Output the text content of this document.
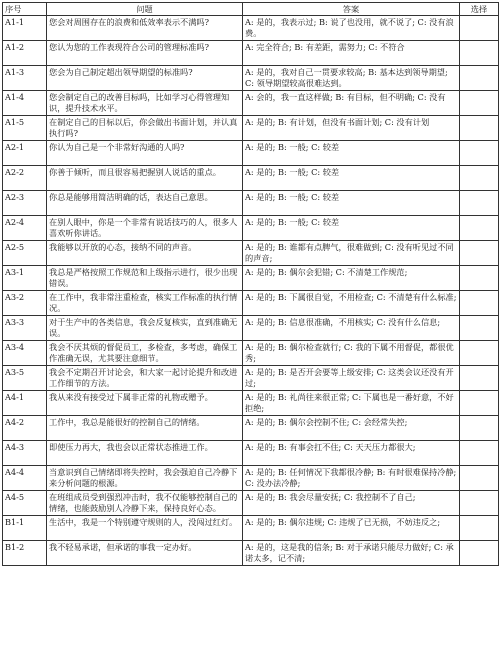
序号	问题	答案	选择
A1-1	您会对周围存在的浪费和低效率表示不满吗?	A: 是的，我表示过; B: 说了也没用，就不说了; C: 没有浪费。	
A1-2	您认为您的工作表现符合公司的管理标准吗?	A: 完全符合; B: 有差距，需努力; C: 不符合	
A1-3	您会为自己制定超出领导期望的标准吗?	A: 是的，我对自己一贯要求较高; B: 基本达到领导期望; C: 领导期望较高很难达到。	
A1-4	您会制定自己的改善目标吗，比如学习心得管理知识，提升技术水平。	A: 会的，我一直这样做; B: 有目标，但不明确; C: 没有	
A1-5	在制定自己的目标以后，你会做出书面计划，并认真执行吗?	A: 是的; B: 有计划，但没有书面计划; C: 没有计划	
A2-1	你认为自己是一个非常好沟通的人吗?	A: 是的; B: 一般; C: 较差	
A2-2	你善于倾听，而且很容易把握别人说话的重点。	A: 是的; B: 一般; C: 较差	
A2-3	你总是能够用简洁明确的话，表达自己意思。	A: 是的; B: 一般; C: 较差	
A2-4	在别人眼中，你是一个非常有说话技巧的人，很多人喜欢听你讲话。	A: 是的; B: 一般; C: 较差	
A2-5	我能够以开放的心态，接纳不同的声音。	A: 是的; B: 谁都有点脾气，很难做到; C: 没有听见过不同的声音;	
A3-1	我总是严格按照工作规范和上级指示进行，很少出现错误。	A: 是的; B: 偶尔会犯错; C: 不清楚工作规范;	
A3-2	在工作中，我非常注重检查，核实工作标准的执行情况。	A: 是的; B: 下属很自觉，不用检查; C: 不清楚有什么标准;	
A3-3	对于生产中的各类信息，我会反复核实，直到准确无误。	A: 是的; B: 信息很准确，不用核实; C: 没有什么信息;	
A3-4	我会不厌其烦的督促员工，多检查，多考虑，确保工作准确无误，尤其要注意细节。	A: 是的; B: 偶尔检查就行; C: 我的下属不用督促，都很优秀;	
A3-5	我会不定期召开讨论会，和大家一起讨论提升和改进工作细节的方法。	A: 是的; B: 是否开会要等上级安排; C: 这类会议还没有开过;	
A4-1	我从来没有接受过下属非正常的礼物或赠予。	A: 是的; B: 礼尚往来很正常; C: 下属也是一番好意，不好拒绝;	
A4-2	工作中，我总是能很好的控制自己的情绪。	A: 是的; B: 偶尔会控制不住; C: 会经常失控;	
A4-3	即使压力再大，我也会以正常状态推进工作。	A: 是的; B: 有事会扛不住; C: 天天压力都很大;	
A4-4	当意识到自己情绪即将失控时，我会强迫自己冷静下来分析问题的根源。	A: 是的; B: 任何情况下我都很冷静; B: 有时很难保持冷静; C: 没办法冷静;	
A4-5	在班组成员受到强烈冲击时，我不仅能够控制自己的情绪，也能鼓励别人冷静下来，保持良好心态。	A: 是的; B: 我会尽量安抚; C: 我控制不了自己;	
B1-1	生活中，我是一个特别遵守规则的人，没闯过红灯。	A: 是的; B: 偶尔违规; C: 违规了已无损，不妨违反之;	
B1-2	我不轻易承诺，但承诺的事我一定办好。	A: 是的，这是我的信条; B: 对于承诺只能尽力做好; C: 承诺太多，记不清;	
